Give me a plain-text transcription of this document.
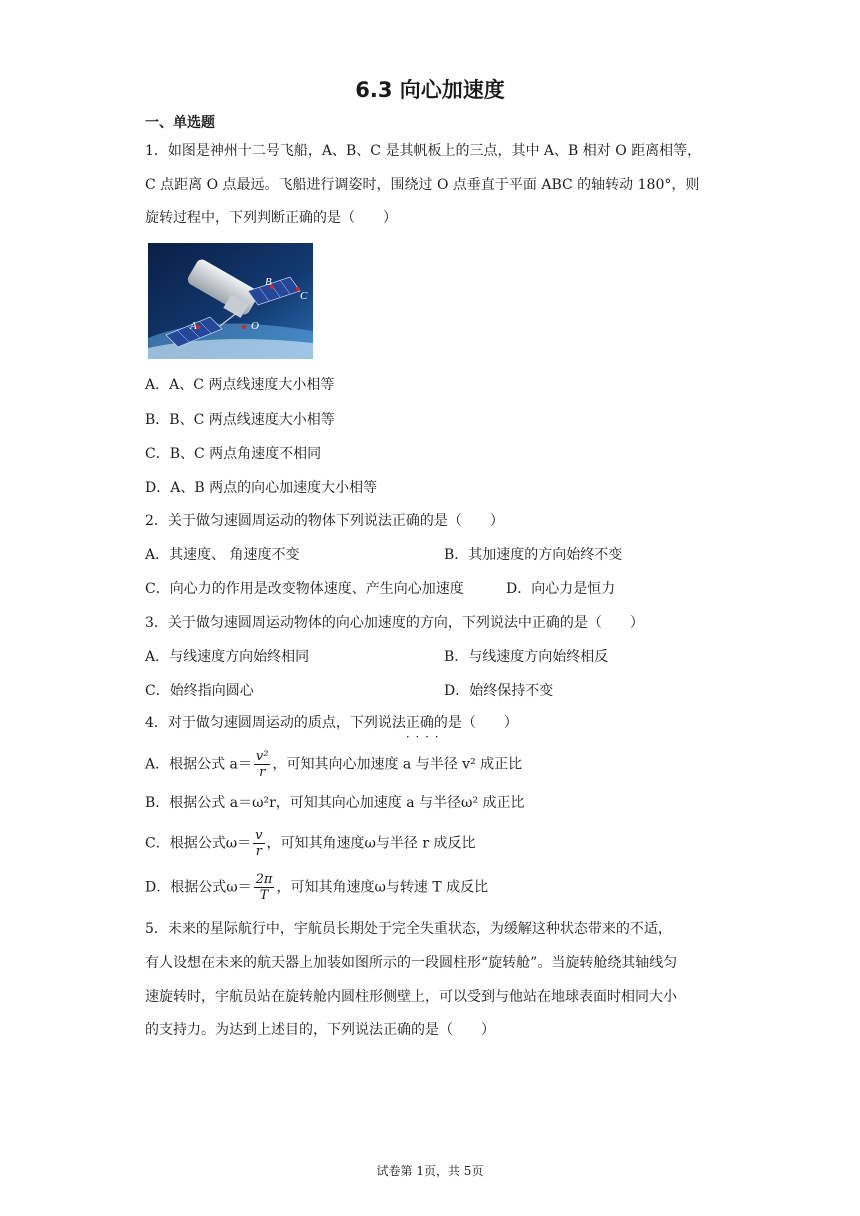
6.3 向心加速度
一、单选题
1．如图是神州十二号飞船，A、B、C 是其帆板上的三点，其中 A、B 相对 O 距离相等，
C 点距离 O 点最远。飞船进行调姿时，围绕过 O 点垂直于平面 ABC 的轴转动 180°，则
旋转过程中，下列判断正确的是（　　）
A
B
C
O
A．A、C 两点线速度大小相等
B．B、C 两点线速度大小相等
C．B、C 两点角速度不相同
D．A、B 两点的向心加速度大小相等
2．关于做匀速圆周运动的物体下列说法正确的是（　　）
A．其速度、 角速度不变	B．其加速度的方向始终不变
C．向心力的作用是改变物体速度、产生向心加速度	D．向心力是恒力
3．关于做匀速圆周运动物体的向心加速度的方向，下列说法中正确的是（　　）
A．与线速度方向始终相同	B．与线速度方向始终相反
C．始终指向圆心	D．始终保持不变
4．对于做匀速圆周运动的质点，下列说法正确的是 · · · ·（　　）
A．根据公式 $a= \frac{\text{v²}}{r}$ ，可知其向心加速度 a 与半径 v² 成正比
B．根据公式 a＝ω²r，可知其向心加速度 a 与半径ω² 成正比
C．根据公式$\omega= \frac{v}{r}$ ，可知其角速度ω与半径 r 成反比
D．根据公式$\omega= \frac{2\pi}{T}$ ，可知其角速度ω与转速 T 成反比
5．未来的星际航行中，宇航员长期处于完全失重状态，为缓解这种状态带来的不适，
有人设想在未来的航天器上加装如图所示的一段圆柱形“旋转舱”。当旋转舱绕其轴线匀
速旋转时，宇航员站在旋转舱内圆柱形侧壁上，可以受到与他站在地球表面时相同大小
的支持力。为达到上述目的，下列说法正确的是（　　）
试卷第 1页，共 5页
